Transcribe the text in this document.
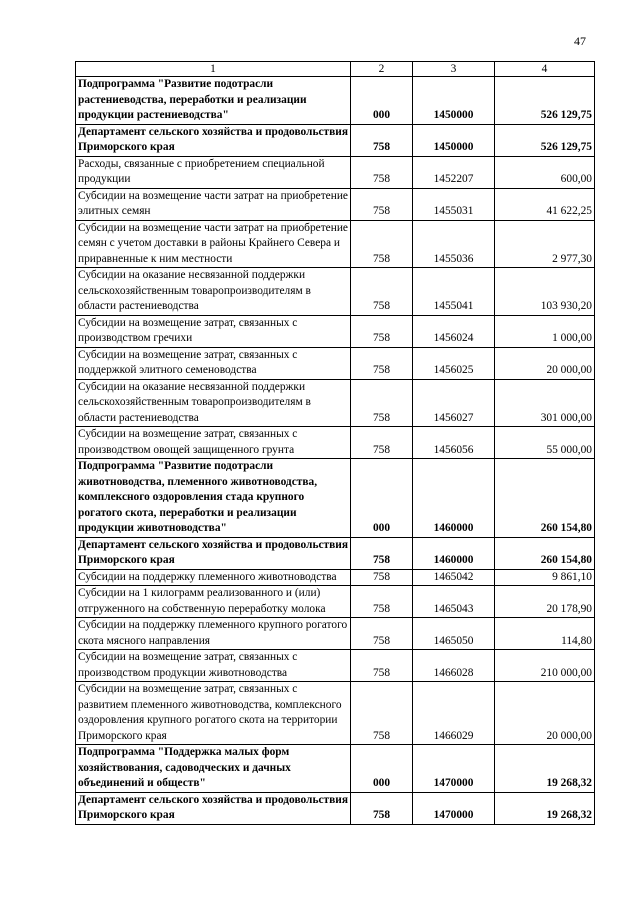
47
1	2	3	4
Подпрограмма "Развитие подотрасли растениеводства, переработки и реализации продукции растениеводства"	000	1450000	526 129,75
Департамент сельского хозяйства и продовольствия Приморского края	758	1450000	526 129,75
Расходы, связанные с приобретением специальной продукции	758	1452207	600,00
Субсидии на возмещение части затрат на приобретение элитных семян	758	1455031	41 622,25
Субсидии на возмещение части затрат на приобретение семян с учетом доставки в районы Крайнего Севера и приравненные к ним местности	758	1455036	2 977,30
Субсидии на оказание несвязанной поддержки сельскохозяйственным товаропроизводителям в области растениеводства	758	1455041	103 930,20
Субсидии на возмещение затрат, связанных с производством гречихи	758	1456024	1 000,00
Субсидии на возмещение затрат, связанных с поддержкой элитного семеноводства	758	1456025	20 000,00
Субсидии на оказание несвязанной поддержки сельскохозяйственным товаропроизводителям в области растениеводства	758	1456027	301 000,00
Субсидии на возмещение затрат, связанных с производством овощей защищенного грунта	758	1456056	55 000,00
Подпрограмма "Развитие подотрасли животноводства, племенного животноводства, комплексного оздоровления стада крупного рогатого скота, переработки и реализации продукции животноводства"	000	1460000	260 154,80
Департамент сельского хозяйства и продовольствия Приморского края	758	1460000	260 154,80
Субсидии на поддержку племенного животноводства	758	1465042	9 861,10
Субсидии на 1 килограмм реализованного и (или) отгруженного на собственную переработку молока	758	1465043	20 178,90
Субсидии на поддержку племенного крупного рогатого скота мясного направления	758	1465050	114,80
Субсидии на возмещение затрат, связанных с производством продукции животноводства	758	1466028	210 000,00
Субсидии на возмещение затрат, связанных с развитием племенного животноводства, комплексного оздоровления крупного рогатого скота на территории Приморского края	758	1466029	20 000,00
Подпрограмма "Поддержка малых форм хозяйствования, садоводческих и дачных объединений и обществ"	000	1470000	19 268,32
Департамент сельского хозяйства и продовольствия Приморского края	758	1470000	19 268,32
